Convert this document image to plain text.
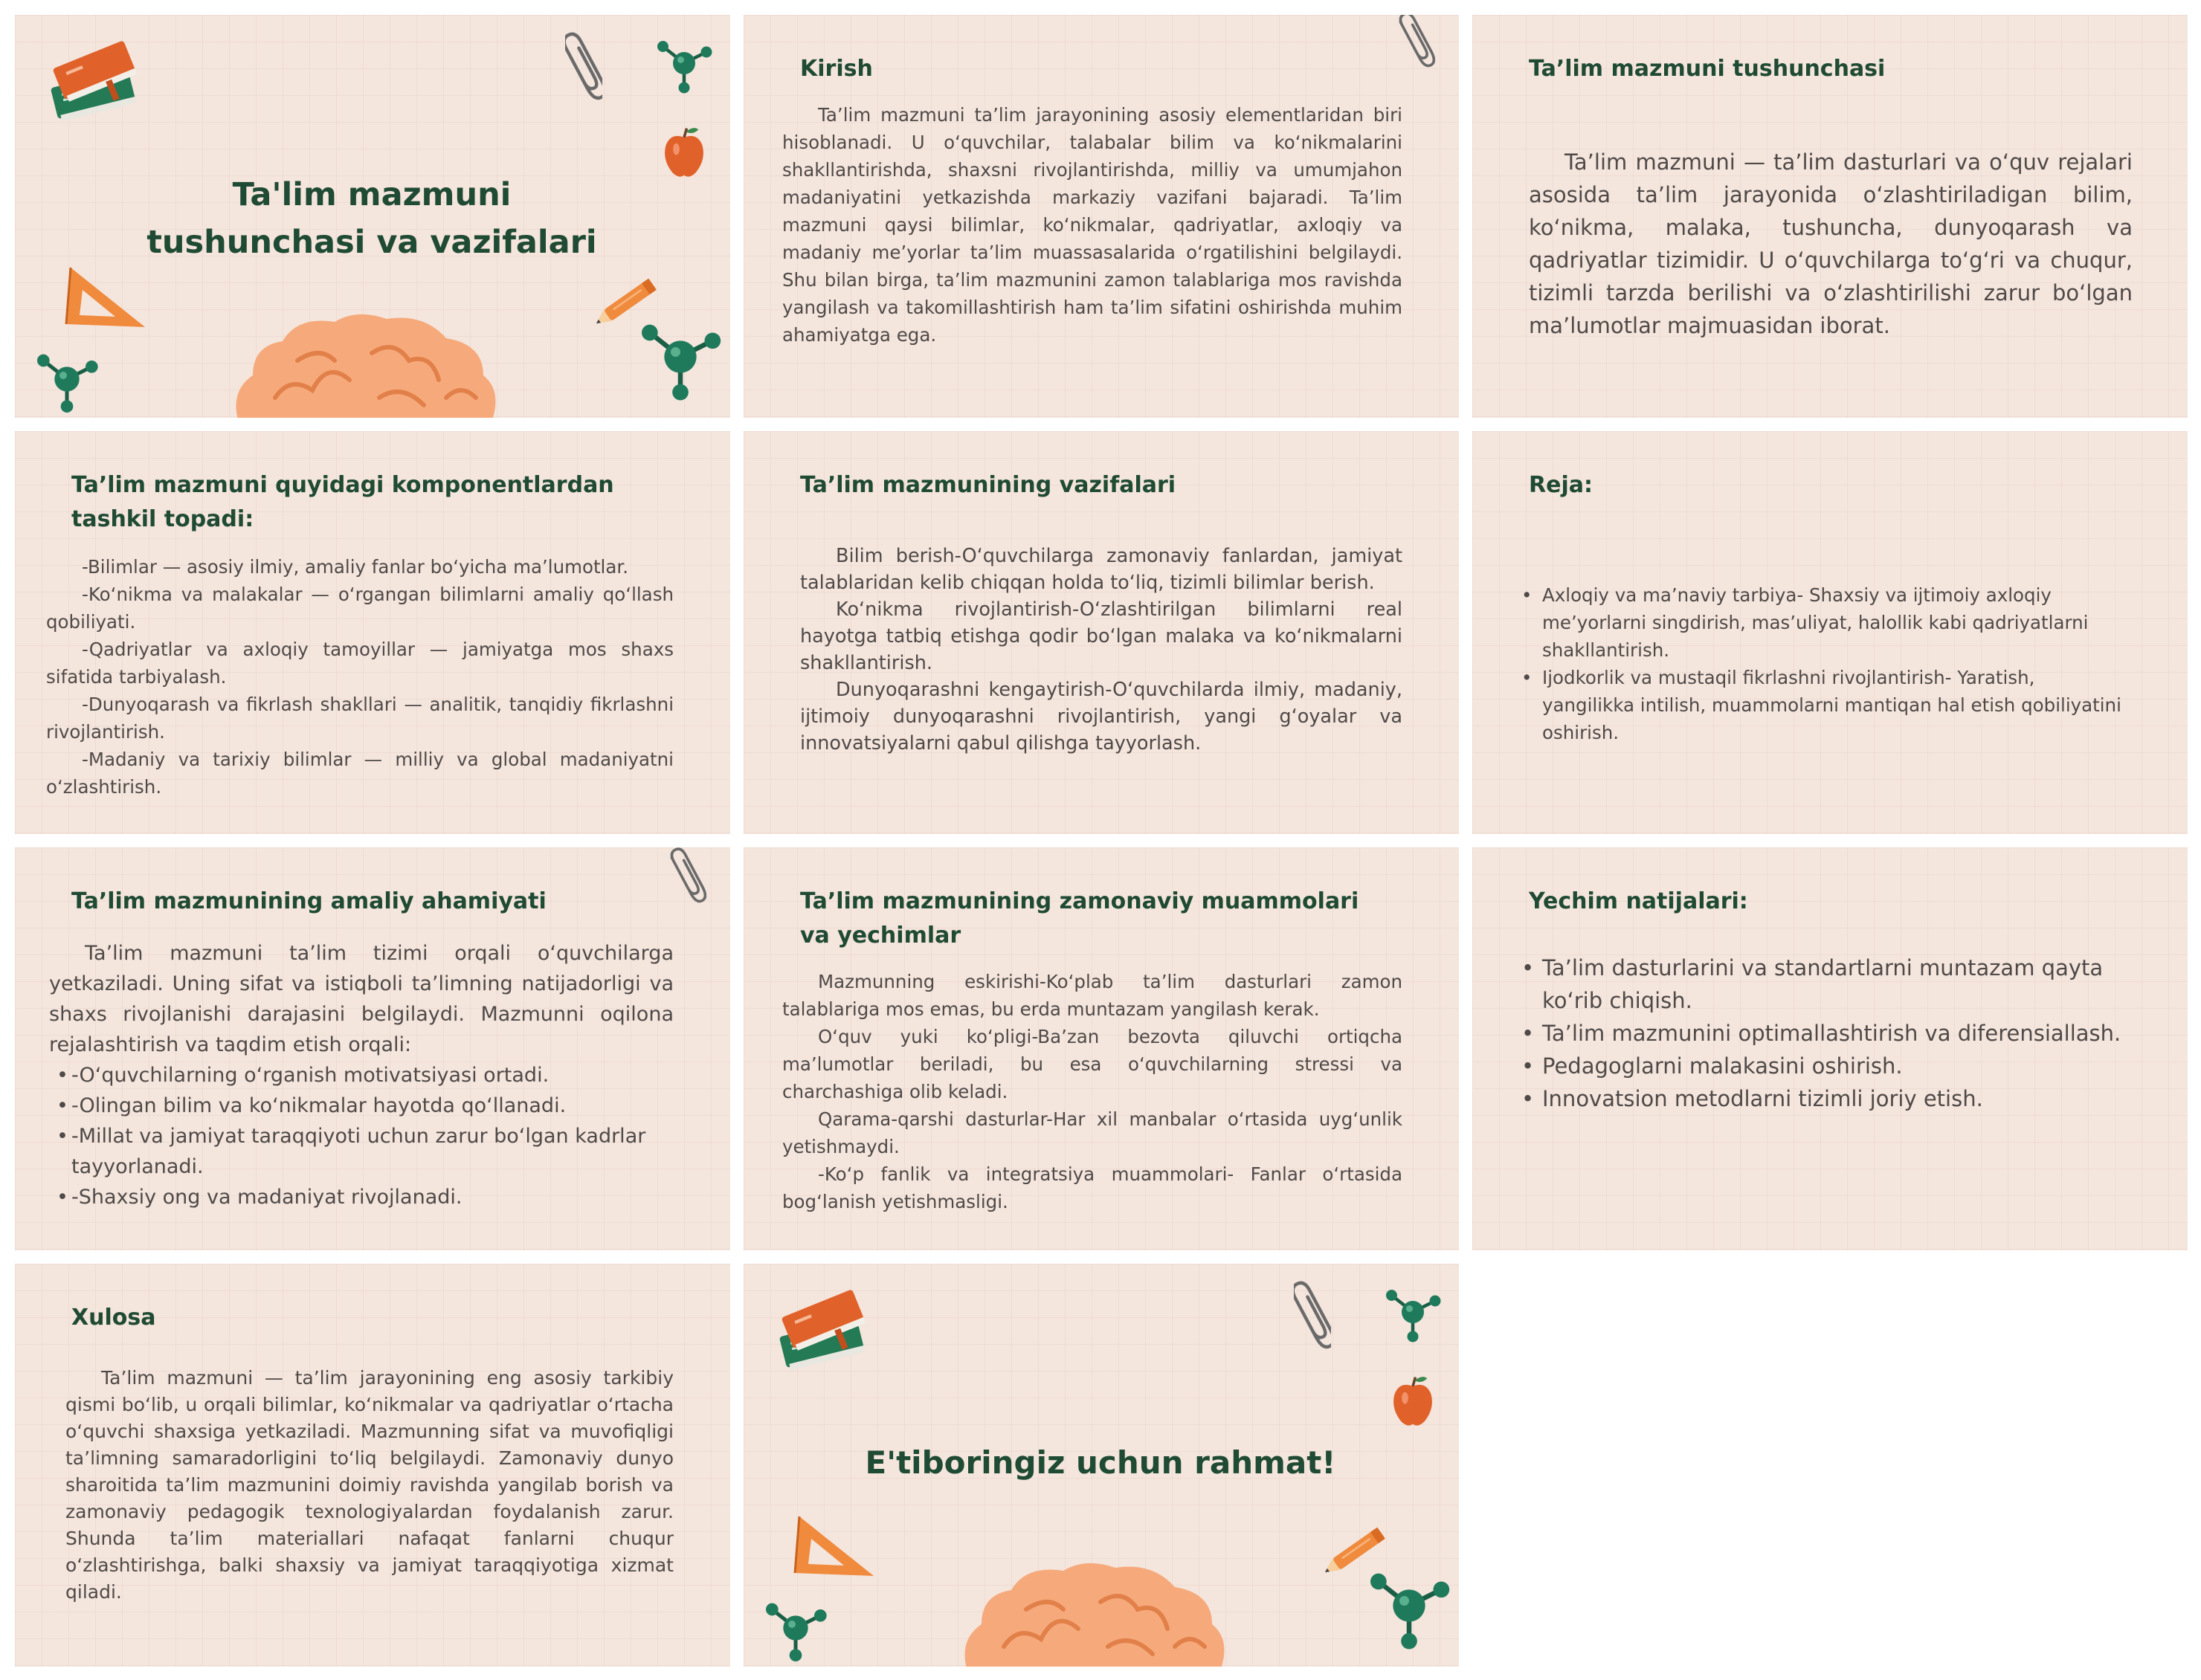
Ta'lim mazmuni tushunchasi va vazifalari
Kirish

Ta’lim mazmuni ta’lim jarayonining asosiy elementlaridan biri hisoblanadi. U o‘quvchilar, talabalar bilim va ko‘nikmalarini shakllantirishda, shaxsni rivojlantirishda, milliy va umumjahon madaniyatini yetkazishda markaziy vazifani bajaradi. Ta’lim mazmuni qaysi bilimlar, ko‘nikmalar, qadriyatlar, axloqiy va madaniy me’yorlar ta’lim muassasalarida o‘rgatilishini belgilaydi. Shu bilan birga, ta’lim mazmunini zamon talablariga mos ravishda yangilash va takomillashtirish ham ta’lim sifatini oshirishda muhim ahamiyatga ega.

Ta’lim mazmuni tushunchasi

Ta’lim mazmuni — ta’lim dasturlari va o‘quv rejalari asosida ta’lim jarayonida o‘zlashtiriladigan bilim, ko‘nikma, malaka, tushuncha, dunyoqarash va qadriyatlar tizimidir. U o‘quvchilarga to‘g‘ri va chuqur, tizimli tarzda berilishi va o‘zlashtirilishi zarur bo‘lgan ma’lumotlar majmuasidan iborat.

Ta’lim mazmuni quyidagi komponentlardan tashkil topadi:

-Bilimlar — asosiy ilmiy, amaliy fanlar bo‘yicha ma’lumotlar.

-Ko‘nikma va malakalar — o‘rgangan bilimlarni amaliy qo‘llash qobiliyati.

-Qadriyatlar va axloqiy tamoyillar — jamiyatga mos shaxs sifatida tarbiyalash.

-Dunyoqarash va fikrlash shakllari — analitik, tanqidiy fikrlashni rivojlantirish.

-Madaniy va tarixiy bilimlar — milliy va global madaniyatni o‘zlashtirish.

Ta’lim mazmunining vazifalari

Bilim berish-O‘quvchilarga zamonaviy fanlardan, jamiyat talablaridan kelib chiqqan holda to‘liq, tizimli bilimlar berish.

Ko‘nikma rivojlantirish-O‘zlashtirilgan bilimlarni real hayotga tatbiq etishga qodir bo‘lgan malaka va ko‘nikmalarni shakllantirish.

Dunyoqarashni kengaytirish-O‘quvchilarda ilmiy, madaniy, ijtimoiy dunyoqarashni rivojlantirish, yangi g‘oyalar va innovatsiyalarni qabul qilishga tayyorlash.

Reja:
• Axloqiy va ma’naviy tarbiya- Shaxsiy va ijtimoiy axloqiy me’yorlarni singdirish, mas’uliyat, halollik kabi qadriyatlarni shakllantirish.
• Ijodkorlik va mustaqil fikrlashni rivojlantirish- Yaratish, yangilikka intilish, muammolarni mantiqan hal etish qobiliyatini oshirish.
Ta’lim mazmunining amaliy ahamiyati

Ta’lim mazmuni ta’lim tizimi orqali o‘quvchilarga yetkaziladi. Uning sifat va istiqboli ta’limning natijadorligi va shaxs rivojlanishi darajasini belgilaydi. Mazmunni oqilona rejalashtirish va taqdim etish orqali:

• -O‘quvchilarning o‘rganish motivatsiyasi ortadi.
• -Olingan bilim va ko‘nikmalar hayotda qo‘llanadi.
• -Millat va jamiyat taraqqiyoti uchun zarur bo‘lgan kadrlar tayyorlanadi.
• -Shaxsiy ong va madaniyat rivojlanadi.
Ta’lim mazmunining zamonaviy muammolari va yechimlar

Mazmunning eskirishi-Ko‘plab ta’lim dasturlari zamon talablariga mos emas, bu erda muntazam yangilash kerak.

O‘quv yuki ko‘pligi-Ba’zan bezovta qiluvchi ortiqcha ma’lumotlar beriladi, bu esa o‘quvchilarning stressi va charchashiga olib keladi.

Qarama-qarshi dasturlar-Har xil manbalar o‘rtasida uyg‘unlik yetishmaydi.

-Ko‘p fanlik va integratsiya muammolari- Fanlar o‘rtasida bog‘lanish yetishmasligi.

Yechim natijalari:
• Ta’lim dasturlarini va standartlarni muntazam qayta ko‘rib chiqish.
• Ta’lim mazmunini optimallashtirish va diferensiallash.
• Pedagoglarni malakasini oshirish.
• Innovatsion metodlarni tizimli joriy etish.
Xulosa

Ta’lim mazmuni — ta’lim jarayonining eng asosiy tarkibiy qismi bo‘lib, u orqali bilimlar, ko‘nikmalar va qadriyatlar o‘rtacha o‘quvchi shaxsiga yetkaziladi. Mazmunning sifat va muvofiqligi ta’limning samaradorligini to‘liq belgilaydi. Zamonaviy dunyo sharoitida ta’lim mazmunini doimiy ravishda yangilab borish va zamonaviy pedagogik texnologiyalardan foydalanish zarur. Shunda ta’lim materiallari nafaqat fanlarni chuqur o‘zlashtirishga, balki shaxsiy va jamiyat taraqqiyotiga xizmat qiladi.

E'tiboringiz uchun rahmat!
